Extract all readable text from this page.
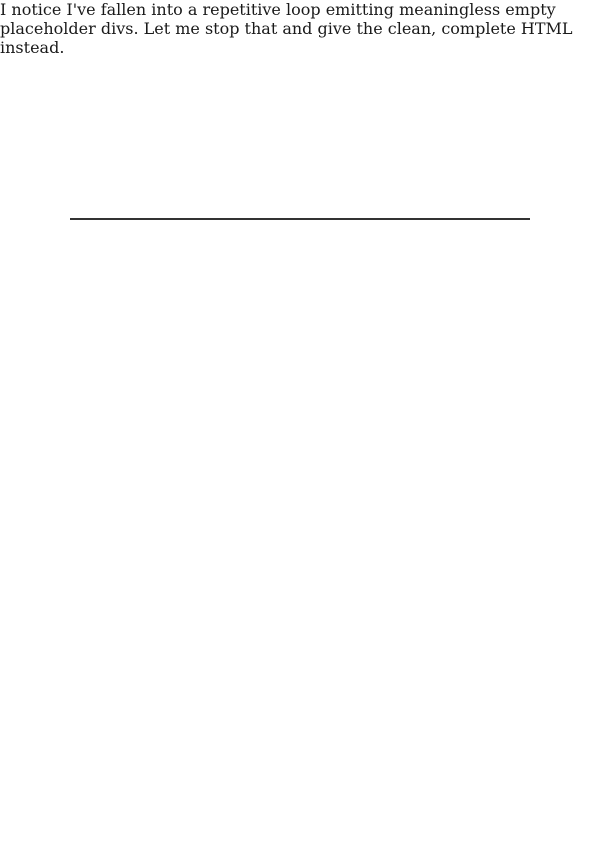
I notice I've fallen into a repetitive loop emitting meaningless empty placeholder divs. Let me stop that and give the clean, complete HTML instead.
